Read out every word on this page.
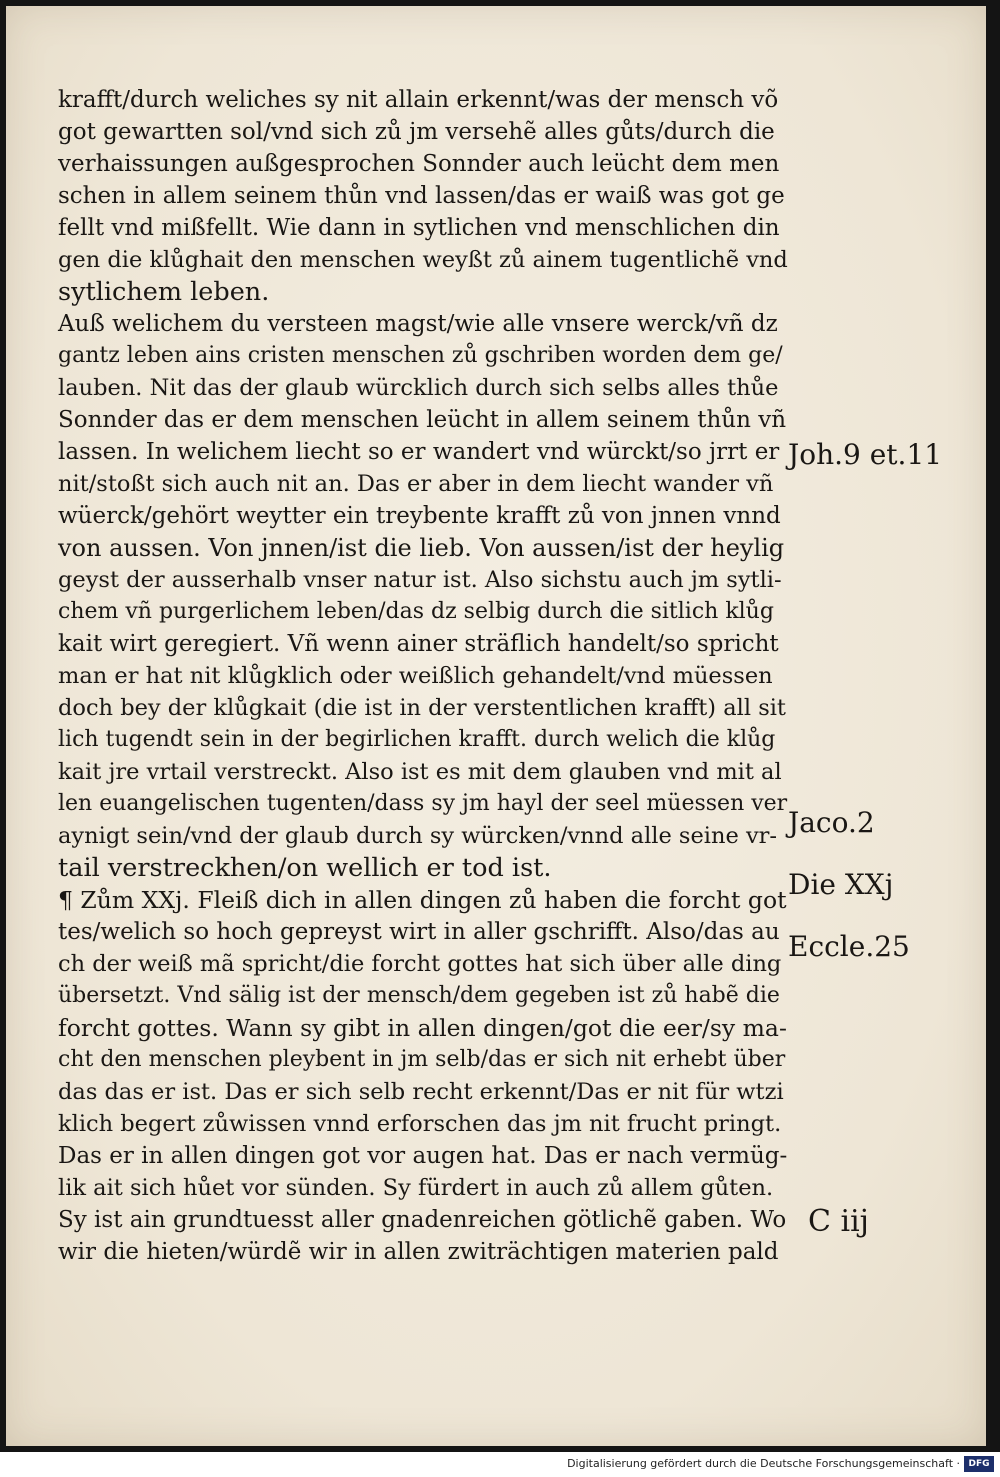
krafft/durch weliches sy nit allain erkennt/was der mensch võ
got gewartten sol/vnd sich zů jm versehẽ alles gůts/durch die
verhaissungen außgesprochen Sonnder auch leücht dem men
schen in allem seinem thůn vnd lassen/das er waiß was got ge
fellt vnd mißfellt. Wie dann in sytlichen vnd menschlichen din
gen die klůghait den menschen weyßt zů ainem tugentlichẽ vnd
sytlichem leben.
Auß welichem du versteen magst/wie alle vnsere werck/vñ dz
gantz leben ains cristen menschen zů gschriben worden dem ge/
lauben. Nit das der glaub würcklich durch sich selbs alles thůe
Sonnder das er dem menschen leücht in allem seinem thůn vñ
lassen. In welichem liecht so er wandert vnd würckt/so jrrt er
nit/stoßt sich auch nit an. Das er aber in dem liecht wander vñ
wüerck/gehört weytter ein treybente krafft zů von jnnen vnnd
von aussen. Von jnnen/ist die lieb. Von aussen/ist der heylig
geyst der ausserhalb vnser natur ist. Also sichstu auch jm sytli-
chem vñ purgerlichem leben/das dz selbig durch die sitlich klůg
kait wirt geregiert. Vñ wenn ainer sträflich handelt/so spricht
man er hat nit klůgklich oder weißlich gehandelt/vnd müessen
doch bey der klůgkait (die ist in der verstentlichen krafft) all sit
lich tugendt sein in der begirlichen krafft. durch welich die klůg
kait jre vrtail verstreckt. Also ist es mit dem glauben vnd mit al
len euangelischen tugenten/dass sy jm hayl der seel müessen ver
aynigt sein/vnd der glaub durch sy würcken/vnnd alle seine vr-
tail verstreckhen/on wellich er tod ist.
¶ Zům XXj. Fleiß dich in allen dingen zů haben die forcht got
tes/welich so hoch gepreyst wirt in aller gschrifft. Also/das au
ch der weiß mã spricht/die forcht gottes hat sich über alle ding
übersetzt. Vnd sälig ist der mensch/dem gegeben ist zů habẽ die
forcht gottes. Wann sy gibt in allen dingen/got die eer/sy ma-
cht den menschen pleybent in jm selb/das er sich nit erhebt über
das das er ist. Das er sich selb recht erkennt/Das er nit für wtzi
klich begert zůwissen vnnd erforschen das jm nit frucht pringt.
Das er in allen dingen got vor augen hat. Das er nach vermüg-
lik ait sich hůet vor sünden. Sy fürdert in auch zů allem gůten.
Sy ist ain grundtuesst aller gnadenreichen götlichẽ gaben. Wo
wir die hieten/würdẽ wir in allen zwiträchtigen materien pald
Joh.9 et.11
Jaco.2
Die XXj
Eccle.25
C iij
Digitalisierung gefördert durch die Deutsche Forschungsgemeinschaft · DFG
